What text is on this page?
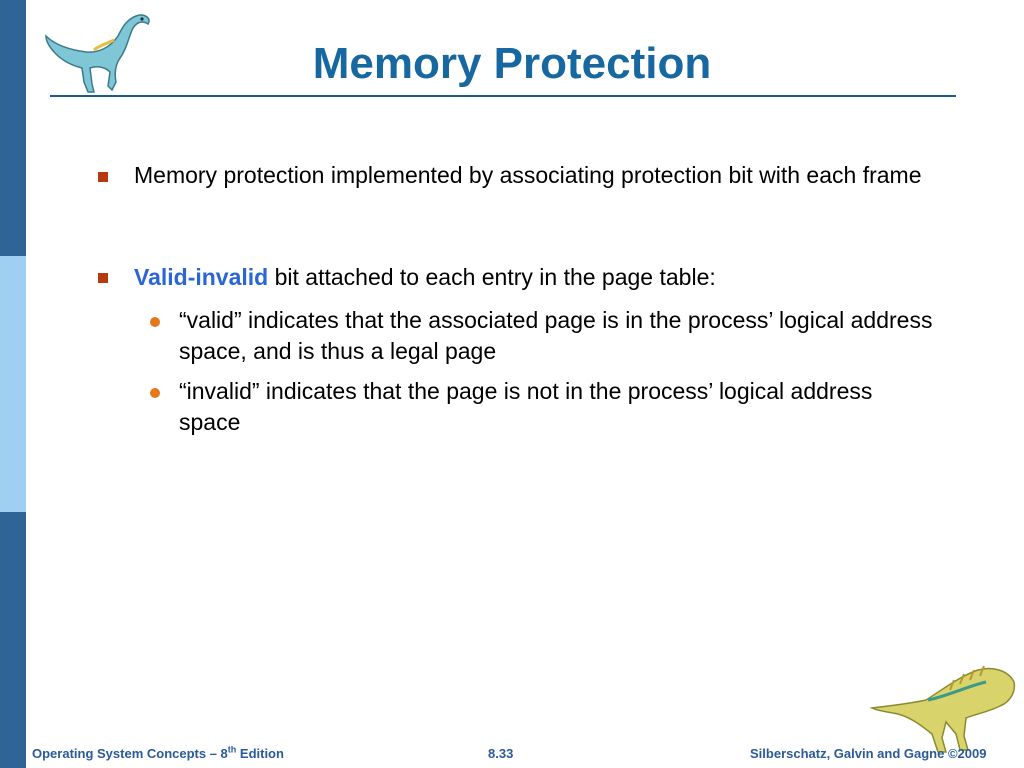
Memory Protection
Memory protection implemented by associating protection bit with each frame
Valid-invalid bit attached to each entry in the page table:
“valid” indicates that the associated page is in the process’ logical address space, and is thus a legal page
“invalid” indicates that the page is not in the process’ logical address space
Operating System Concepts – 8th Edition	8.33	Silberschatz, Galvin and Gagne ©2009
